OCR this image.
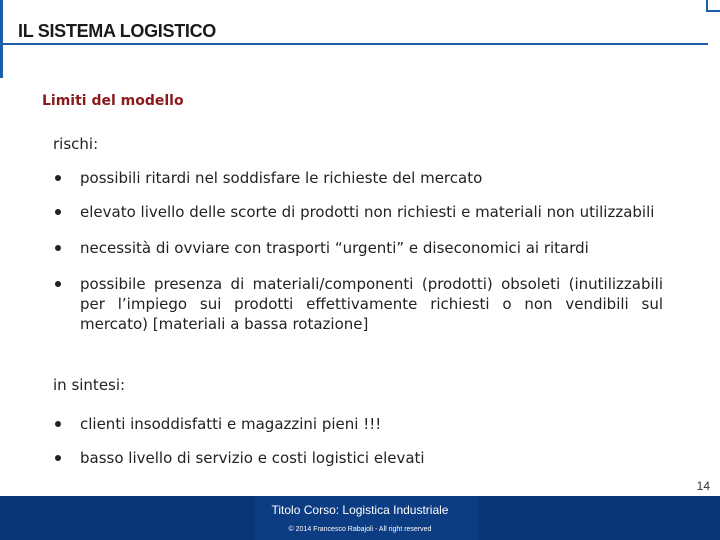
IL SISTEMA LOGISTICO
Limiti del modello
rischi:
possibili ritardi nel soddisfare le richieste del mercato
elevato livello delle scorte di prodotti non richiesti e materiali non utilizzabili
necessità di ovviare con trasporti “urgenti” e diseconomici ai ritardi
possibile presenza di materiali/componenti (prodotti) obsoleti (inutilizzabili per l’impiego sui prodotti effettivamente richiesti o non vendibili sul mercato) [materiali a bassa rotazione]
in sintesi:
clienti insoddisfatti e magazzini pieni !!!
basso livello di servizio e costi logistici elevati
14
Titolo Corso: Logistica Industriale
© 2014 Francesco Rabajoli - All right reserved
